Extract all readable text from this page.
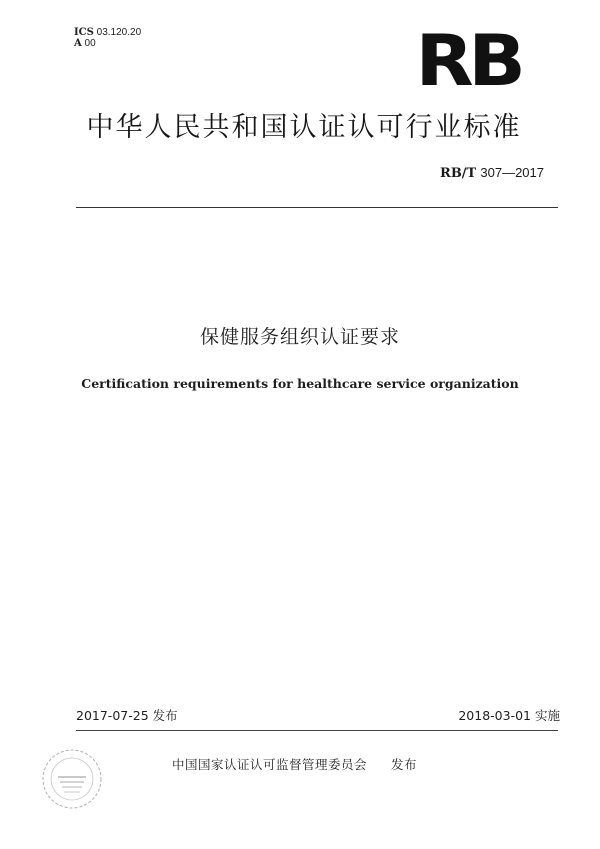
ICS 03.120.20
A 00	RB
中华人民共和国认证认可行业标准
RB/T 307—2017
保健服务组织认证要求
Certification requirements for healthcare service organization
2017-07-25 发布	2018-03-01 实施
中国国家认证认可监督管理委员会 发布
